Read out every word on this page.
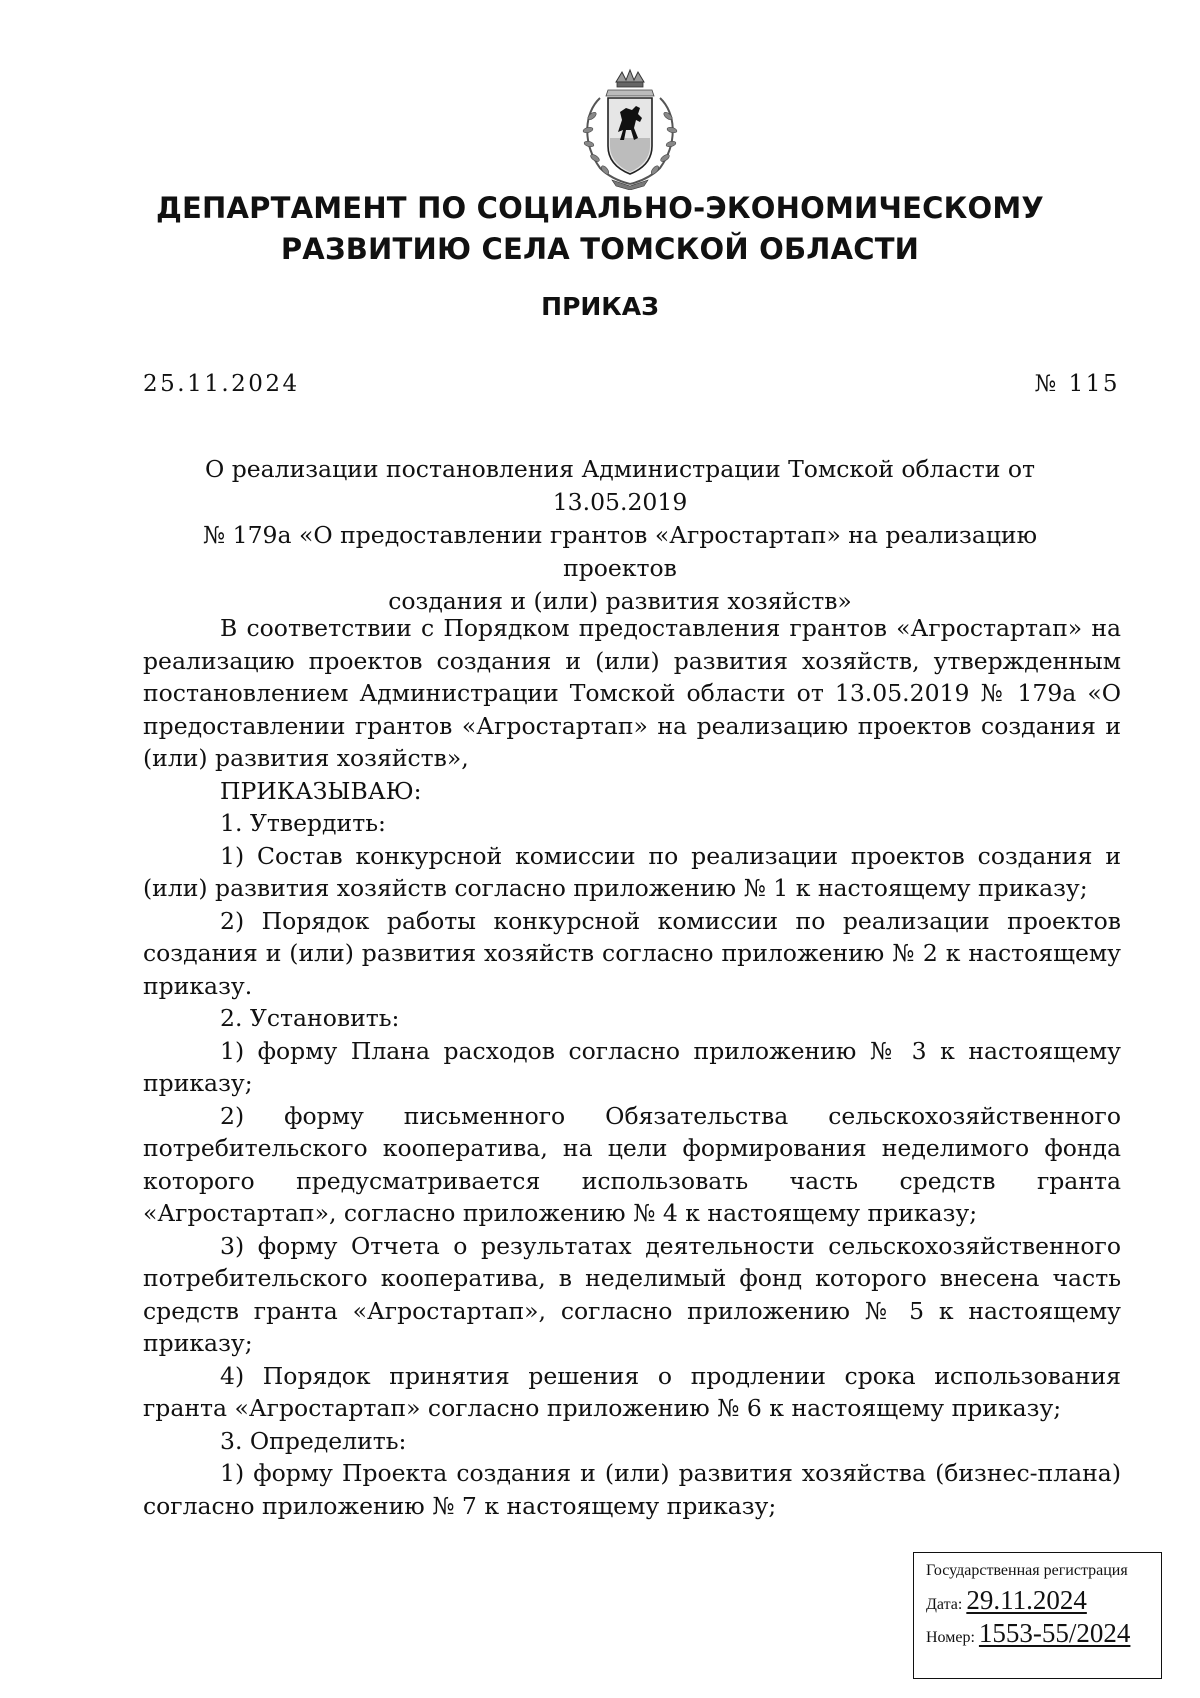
ДЕПАРТАМЕНТ ПО СОЦИАЛЬНО-ЭКОНОМИЧЕСКОМУ
РАЗВИТИЮ СЕЛА ТОМСКОЙ ОБЛАСТИ
ПРИКАЗ
25.11.2024	№ 115
О реализации постановления Администрации Томской области от 13.05.2019
№ 179а «О предоставлении грантов «Агростартап» на реализацию проектов
создания и (или) развития хозяйств»

В соответствии с Порядком предоставления грантов «Агростартап» на реализацию проектов создания и (или) развития хозяйств, утвержденным постановлением Администрации Томской области от 13.05.2019 № 179а «О предоставлении грантов «Агростартап» на реализацию проектов создания и (или) развития хозяйств»,

ПРИКАЗЫВАЮ:

1. Утвердить:

1) Состав конкурсной комиссии по реализации проектов создания и (или) развития хозяйств согласно приложению № 1 к настоящему приказу;

2) Порядок работы конкурсной комиссии по реализации проектов создания и (или) развития хозяйств согласно приложению № 2 к настоящему приказу.

2. Установить:

1) форму Плана расходов согласно приложению № 3 к настоящему приказу;

2) форму письменного Обязательства сельскохозяйственного потребительского кооператива, на цели формирования неделимого фонда которого предусматривается использовать часть средств гранта «Агростартап», согласно приложению № 4 к настоящему приказу;

3) форму Отчета о результатах деятельности сельскохозяйственного потребительского кооператива, в неделимый фонд которого внесена часть средств гранта «Агростартап», согласно приложению № 5 к настоящему приказу;

4) Порядок принятия решения о продлении срока использования гранта «Агростартап» согласно приложению № 6 к настоящему приказу;

3. Определить:

1) форму Проекта создания и (или) развития хозяйства (бизнес-плана) согласно приложению № 7 к настоящему приказу;

Государственная регистрация
Дата: 29.11.2024
Номер: 1553-55/2024
